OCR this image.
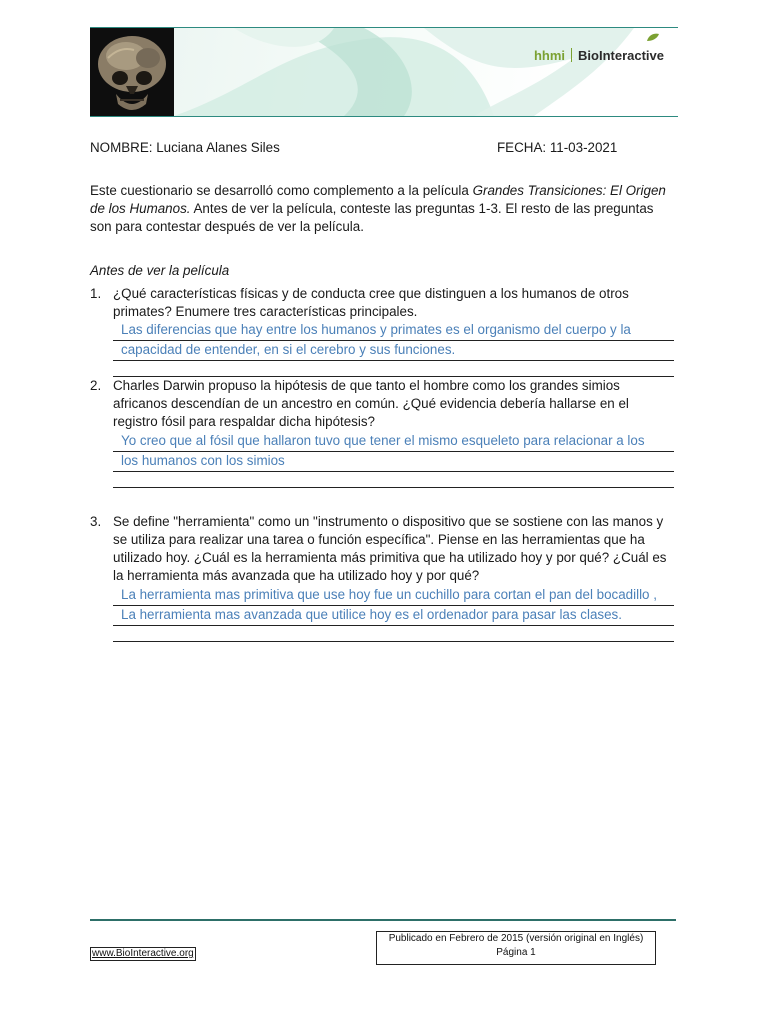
hhmi BioInteractive
NOMBRE: Luciana Alanes Siles	FECHA: 11-03-2021
Este cuestionario se desarrolló como complemento a la película Grandes Transiciones: El Origen de los Humanos. Antes de ver la película, conteste las preguntas 1-3. El resto de las preguntas son para contestar después de ver la película.
Antes de ver la película
1. ¿Qué características físicas y de conducta cree que distinguen a los humanos de otros primates? Enumere tres características principales.
Las diferencias que hay entre los humanos y primates es el organismo del cuerpo y la
capacidad de entender, en si el cerebro y sus funciones.
2. Charles Darwin propuso la hipótesis de que tanto el hombre como los grandes simios africanos descendían de un ancestro en común. ¿Qué evidencia debería hallarse en el registro fósil para respaldar dicha hipótesis?
Yo creo que al fósil que hallaron tuvo que tener el mismo esqueleto para relacionar a los
los humanos con los simios
3. Se define "herramienta" como un "instrumento o dispositivo que se sostiene con las manos y se utiliza para realizar una tarea o función específica". Piense en las herramientas que ha utilizado hoy. ¿Cuál es la herramienta más primitiva que ha utilizado hoy y por qué? ¿Cuál es la herramienta más avanzada que ha utilizado hoy y por qué?
La herramienta mas primitiva que use hoy fue un cuchillo para cortan el pan del bocadillo ,
La herramienta mas avanzada que utilice hoy es el ordenador para pasar las clases.
www.BioInteractive.org
Publicado en Febrero de 2015 (versión original en Inglés)
Página 1
